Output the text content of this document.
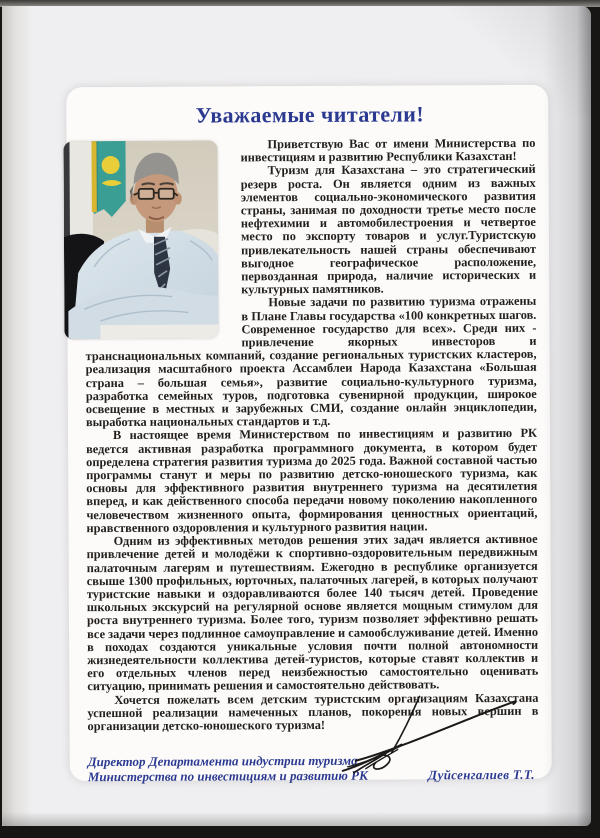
Уважаемые читатели!

Приветствую Вас от имени Министерства по инвестициям и развитию Республики Казахстан!

Туризм для Казахстана – это стратегический резерв роста. Он является одним из важных элементов социально-экономического развития страны, занимая по доходности третье место после нефтехимии и автомобилестроения и четвертое место по экспорту товаров и услуг.Туристскую привлекательность нашей страны обеспечивают выгодное географическое расположение, первозданная природа, наличие исторических и культурных памятников.

Новые задачи по развитию туризма отражены в Плане Главы государства «100 конкретных шагов. Современное государство для всех». Среди них - привлечение якорных инвесторов и транснациональных компаний, создание региональных туристских кластеров, реализация масштабного проекта Ассамблеи Народа Казахстана «Большая страна – большая семья», развитие социально-культурного туризма, разработка семейных туров, подготовка сувенирной продукции, широкое освещение в местных и зарубежных СМИ, создание онлайн энциклопедии, выработка национальных стандартов и т.д.

В настоящее время Министерством по инвестициям и развитию РК ведется активная разработка программного документа, в котором будет определена стратегия развития туризма до 2025 года. Важной составной частью программы станут и меры по развитию детско-юношеского туризма, как основы для эффективного развития внутреннего туризма на десятилетия вперед, и как действенного способа передачи новому поколению накопленного человечеством жизненного опыта, формирования ценностных ориентаций, нравственного оздоровления и культурного развития нации.

Одним из эффективных методов решения этих задач является активное привлечение детей и молодёжи к спортивно-оздоровительным передвижным палаточным лагерям и путешествиям. Ежегодно в республике организуется свыше 1300 профильных, юрточных, палаточных лагерей, в которых получают туристские навыки и оздоравливаются более 140 тысяч детей. Проведение школьных экскурсий на регулярной основе является мощным стимулом для роста внутреннего туризма. Более того, туризм позволяет эффективно решать все задачи через подлинное самоуправление и самообслуживание детей. Именно в походах создаются уникальные условия почти полной автономности жизнедеятельности коллектива детей-туристов, которые ставят коллектив и его отдельных членов перед неизбежностью самостоятельно оценивать ситуацию, принимать решения и самостоятельно действовать.

Хочется пожелать всем детским туристским организациям Казахстана успешной реализации намеченных планов, покорения новых вершин в организации детско-юношеского туризма!

Директор Департамента индустрии туризма
Министерства по инвестициям и развитию РК	Дуйсенгалиев Т.Т.
